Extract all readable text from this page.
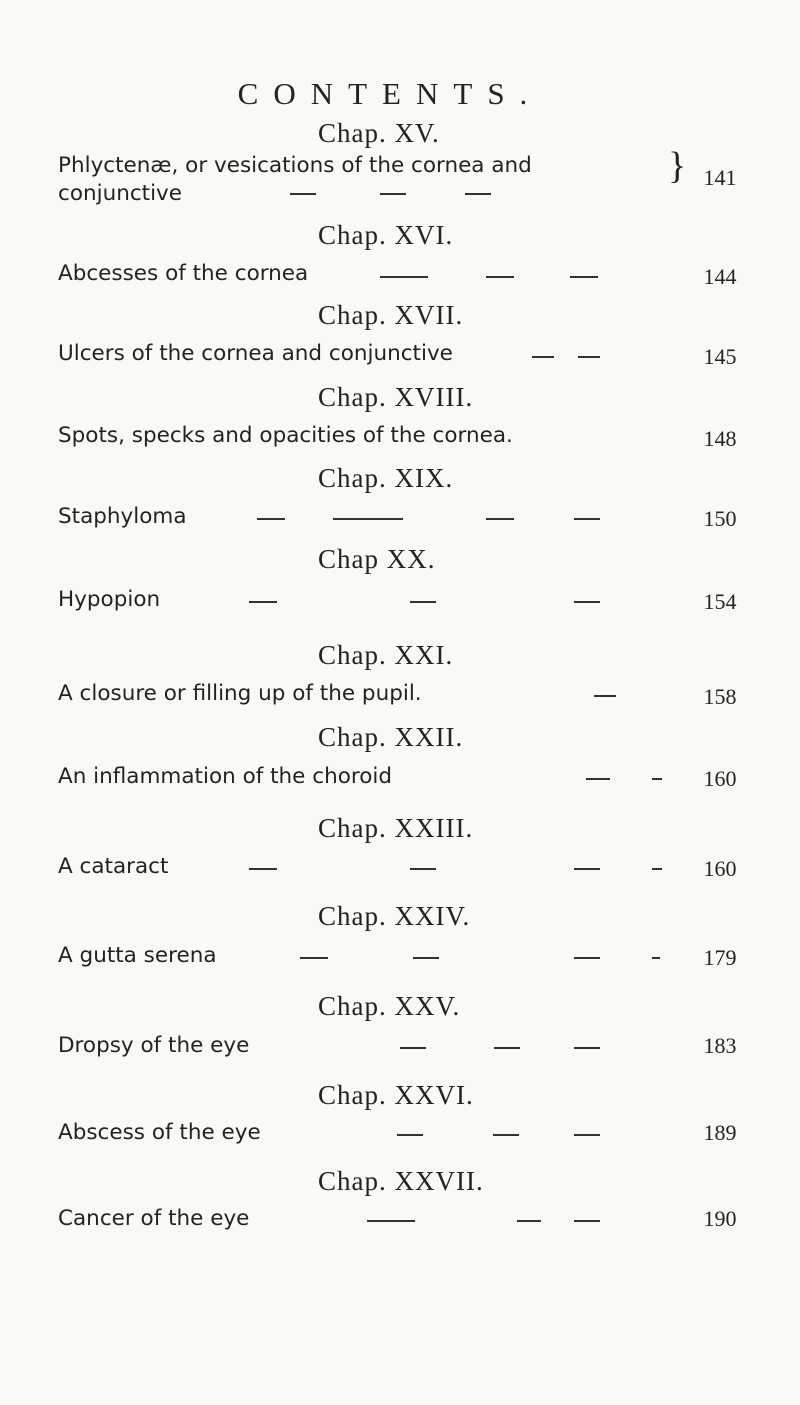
CONTENTS.
Chap. XV.
Phlyctenæ, or vesications of the cornea and
conjunctive
} 141
Chap. XVI.
Abcesses of the cornea	144
Chap. XVII.
Ulcers of the cornea and conjunctive	145
Chap. XVIII.
Spots, specks and opacities of the cornea.	148
Chap. XIX.
Staphyloma	150
Chap XX.
Hypopion	154
Chap. XXI.
A closure or filling up of the pupil.	158
Chap. XXII.
An inflammation of the choroid	160
Chap. XXIII.
A cataract	160
Chap. XXIV.
A gutta serena	179
Chap. XXV.
Dropsy of the eye	183
Chap. XXVI.
Abscess of the eye	189
Chap. XXVII.
Cancer of the eye	190
